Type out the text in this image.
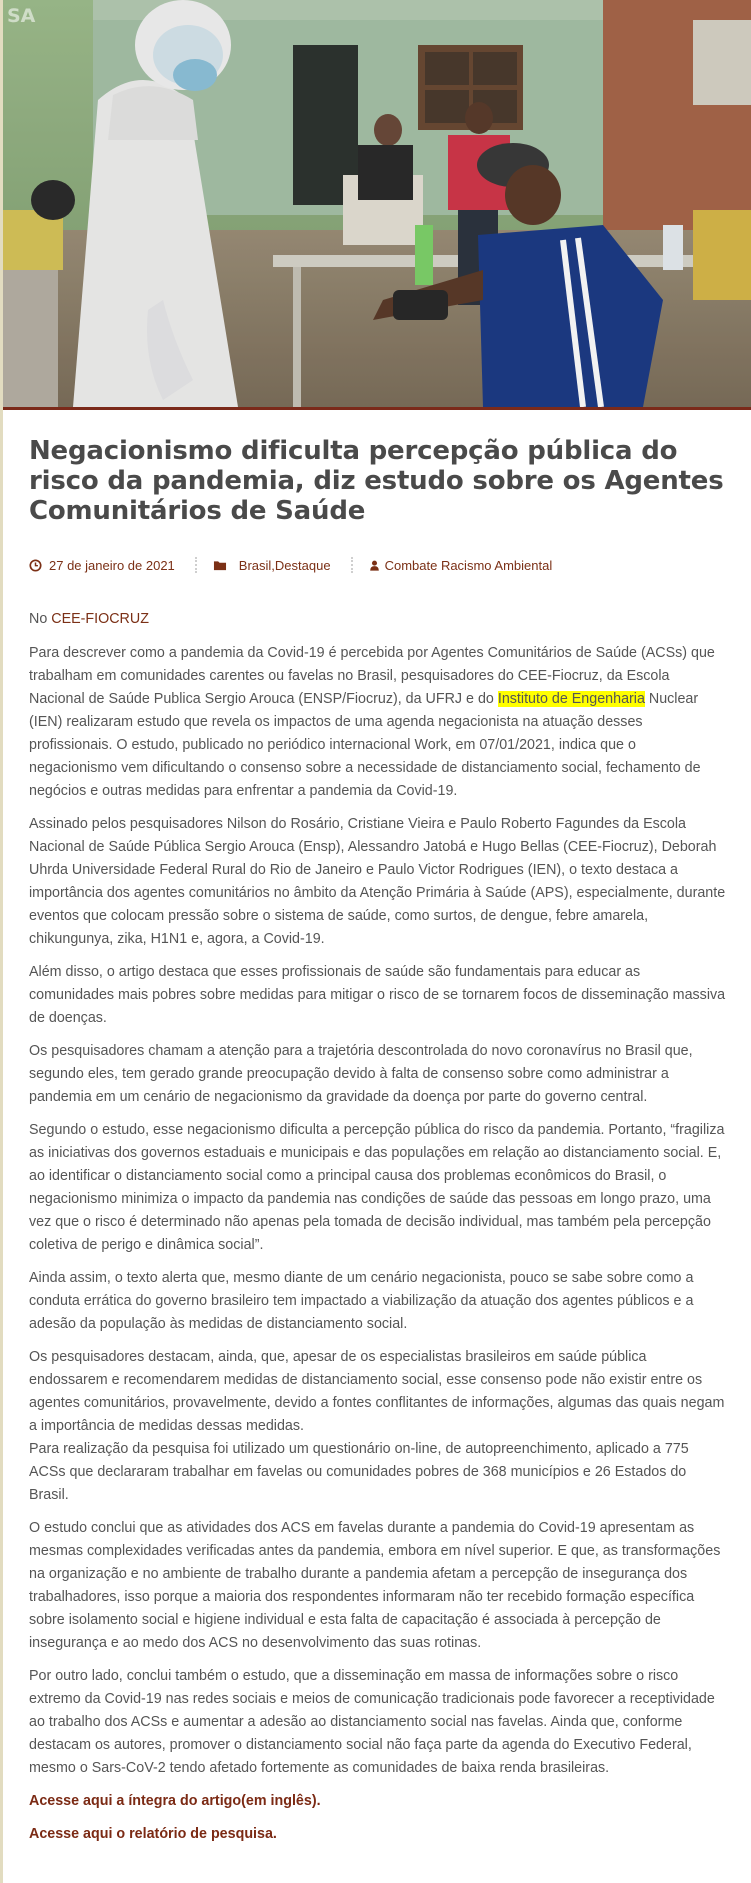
SA
Negacionismo dificulta percepção pública do risco da pandemia, diz estudo sobre os Agentes Comunitários de Saúde
27 de janeiro de 2021	Brasil , Destaque	Combate Racismo Ambiental

No CEE-FIOCRUZ

Para descrever como a pandemia da Covid-19 é percebida por Agentes Comunitários de Saúde (ACSs) que trabalham em comunidades carentes ou favelas no Brasil, pesquisadores do CEE-Fiocruz, da Escola Nacional de Saúde Publica Sergio Arouca (ENSP/Fiocruz), da UFRJ e do Instituto de Engenharia Nuclear (IEN) realizaram estudo que revela os impactos de uma agenda negacionista na atuação desses profissionais. O estudo, publicado no periódico internacional Work, em 07/01/2021, indica que o negacionismo vem dificultando o consenso sobre a necessidade de distanciamento social, fechamento de negócios e outras medidas para enfrentar a pandemia da Covid-19.

Assinado pelos pesquisadores Nilson do Rosário, Cristiane Vieira e Paulo Roberto Fagundes da Escola Nacional de Saúde Pública Sergio Arouca (Ensp), Alessandro Jatobá e Hugo Bellas (CEE-Fiocruz), Deborah Uhrda Universidade Federal Rural do Rio de Janeiro e Paulo Victor Rodrigues (IEN), o texto destaca a importância dos agentes comunitários no âmbito da Atenção Primária à Saúde (APS), especialmente, durante eventos que colocam pressão sobre o sistema de saúde, como surtos, de dengue, febre amarela, chikungunya, zika, H1N1 e, agora, a Covid-19.

Além disso, o artigo destaca que esses profissionais de saúde são fundamentais para educar as comunidades mais pobres sobre medidas para mitigar o risco de se tornarem focos de disseminação massiva de doenças.

Os pesquisadores chamam a atenção para a trajetória descontrolada do novo coronavírus no Brasil que, segundo eles, tem gerado grande preocupação devido à falta de consenso sobre como administrar a pandemia em um cenário de negacionismo da gravidade da doença por parte do governo central.

Segundo o estudo, esse negacionismo dificulta a percepção pública do risco da pandemia. Portanto, “fragiliza as iniciativas dos governos estaduais e municipais e das populações em relação ao distanciamento social. E, ao identificar o distanciamento social como a principal causa dos problemas econômicos do Brasil, o negacionismo minimiza o impacto da pandemia nas condições de saúde das pessoas em longo prazo, uma vez que o risco é determinado não apenas pela tomada de decisão individual, mas também pela percepção coletiva de perigo e dinâmica social”.

Ainda assim, o texto alerta que, mesmo diante de um cenário negacionista, pouco se sabe sobre como a conduta errática do governo brasileiro tem impactado a viabilização da atuação dos agentes públicos e a adesão da população às medidas de distanciamento social.

Os pesquisadores destacam, ainda, que, apesar de os especialistas brasileiros em saúde pública endossarem e recomendarem medidas de distanciamento social, esse consenso pode não existir entre os agentes comunitários, provavelmente, devido a fontes conflitantes de informações, algumas das quais negam a importância de medidas dessas medidas.
Para realização da pesquisa foi utilizado um questionário on-line, de autopreenchimento, aplicado a 775 ACSs que declararam trabalhar em favelas ou comunidades pobres de 368 municípios e 26 Estados do Brasil.

O estudo conclui que as atividades dos ACS em favelas durante a pandemia do Covid-19 apresentam as mesmas complexidades verificadas antes da pandemia, embora em nível superior. E que, as transformações na organização e no ambiente de trabalho durante a pandemia afetam a percepção de insegurança dos trabalhadores, isso porque a maioria dos respondentes informaram não ter recebido formação específica sobre isolamento social e higiene individual e esta falta de capacitação é associada à percepção de insegurança e ao medo dos ACS no desenvolvimento das suas rotinas.

Por outro lado, conclui também o estudo, que a disseminação em massa de informações sobre o risco extremo da Covid-19 nas redes sociais e meios de comunicação tradicionais pode favorecer a receptividade ao trabalho dos ACSs e aumentar a adesão ao distanciamento social nas favelas. Ainda que, conforme destacam os autores, promover o distanciamento social não faça parte da agenda do Executivo Federal, mesmo o Sars-CoV-2 tendo afetado fortemente as comunidades de baixa renda brasileiras.

Acesse aqui a íntegra do artigo(em inglês).

Acesse aqui o relatório de pesquisa.
